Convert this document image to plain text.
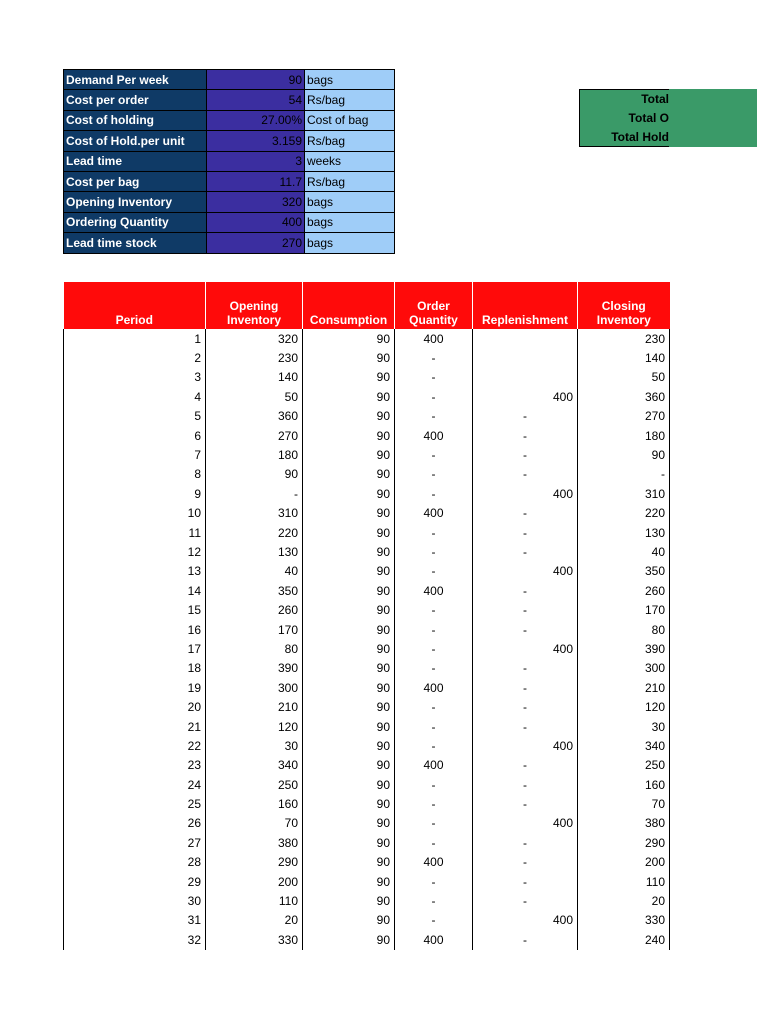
Demand Per week	90	bags
Cost per order	54	Rs/bag
Cost of holding	27.00%	Cost of bag
Cost of Hold.per unit	3.159	Rs/bag
Lead time	3	weeks
Cost per bag	11.7	Rs/bag
Opening Inventory	320	bags
Ordering Quantity	400	bags
Lead time stock	270	bags
Total
Total O
Total Hold
Period	Opening Inventory	Consumption	Order Quantity	Replenishment	Closing Inventory
1	320	90	400		230
2	230	90	-		140
3	140	90	-		50
4	50	90	-	400	360
5	360	90	-	-	270
6	270	90	400	-	180
7	180	90	-	-	90
8	90	90	-	-	-
9	-	90	-	400	310
10	310	90	400	-	220
11	220	90	-	-	130
12	130	90	-	-	40
13	40	90	-	400	350
14	350	90	400	-	260
15	260	90	-	-	170
16	170	90	-	-	80
17	80	90	-	400	390
18	390	90	-	-	300
19	300	90	400	-	210
20	210	90	-	-	120
21	120	90	-	-	30
22	30	90	-	400	340
23	340	90	400	-	250
24	250	90	-	-	160
25	160	90	-	-	70
26	70	90	-	400	380
27	380	90	-	-	290
28	290	90	400	-	200
29	200	90	-	-	110
30	110	90	-	-	20
31	20	90	-	400	330
32	330	90	400	-	240
